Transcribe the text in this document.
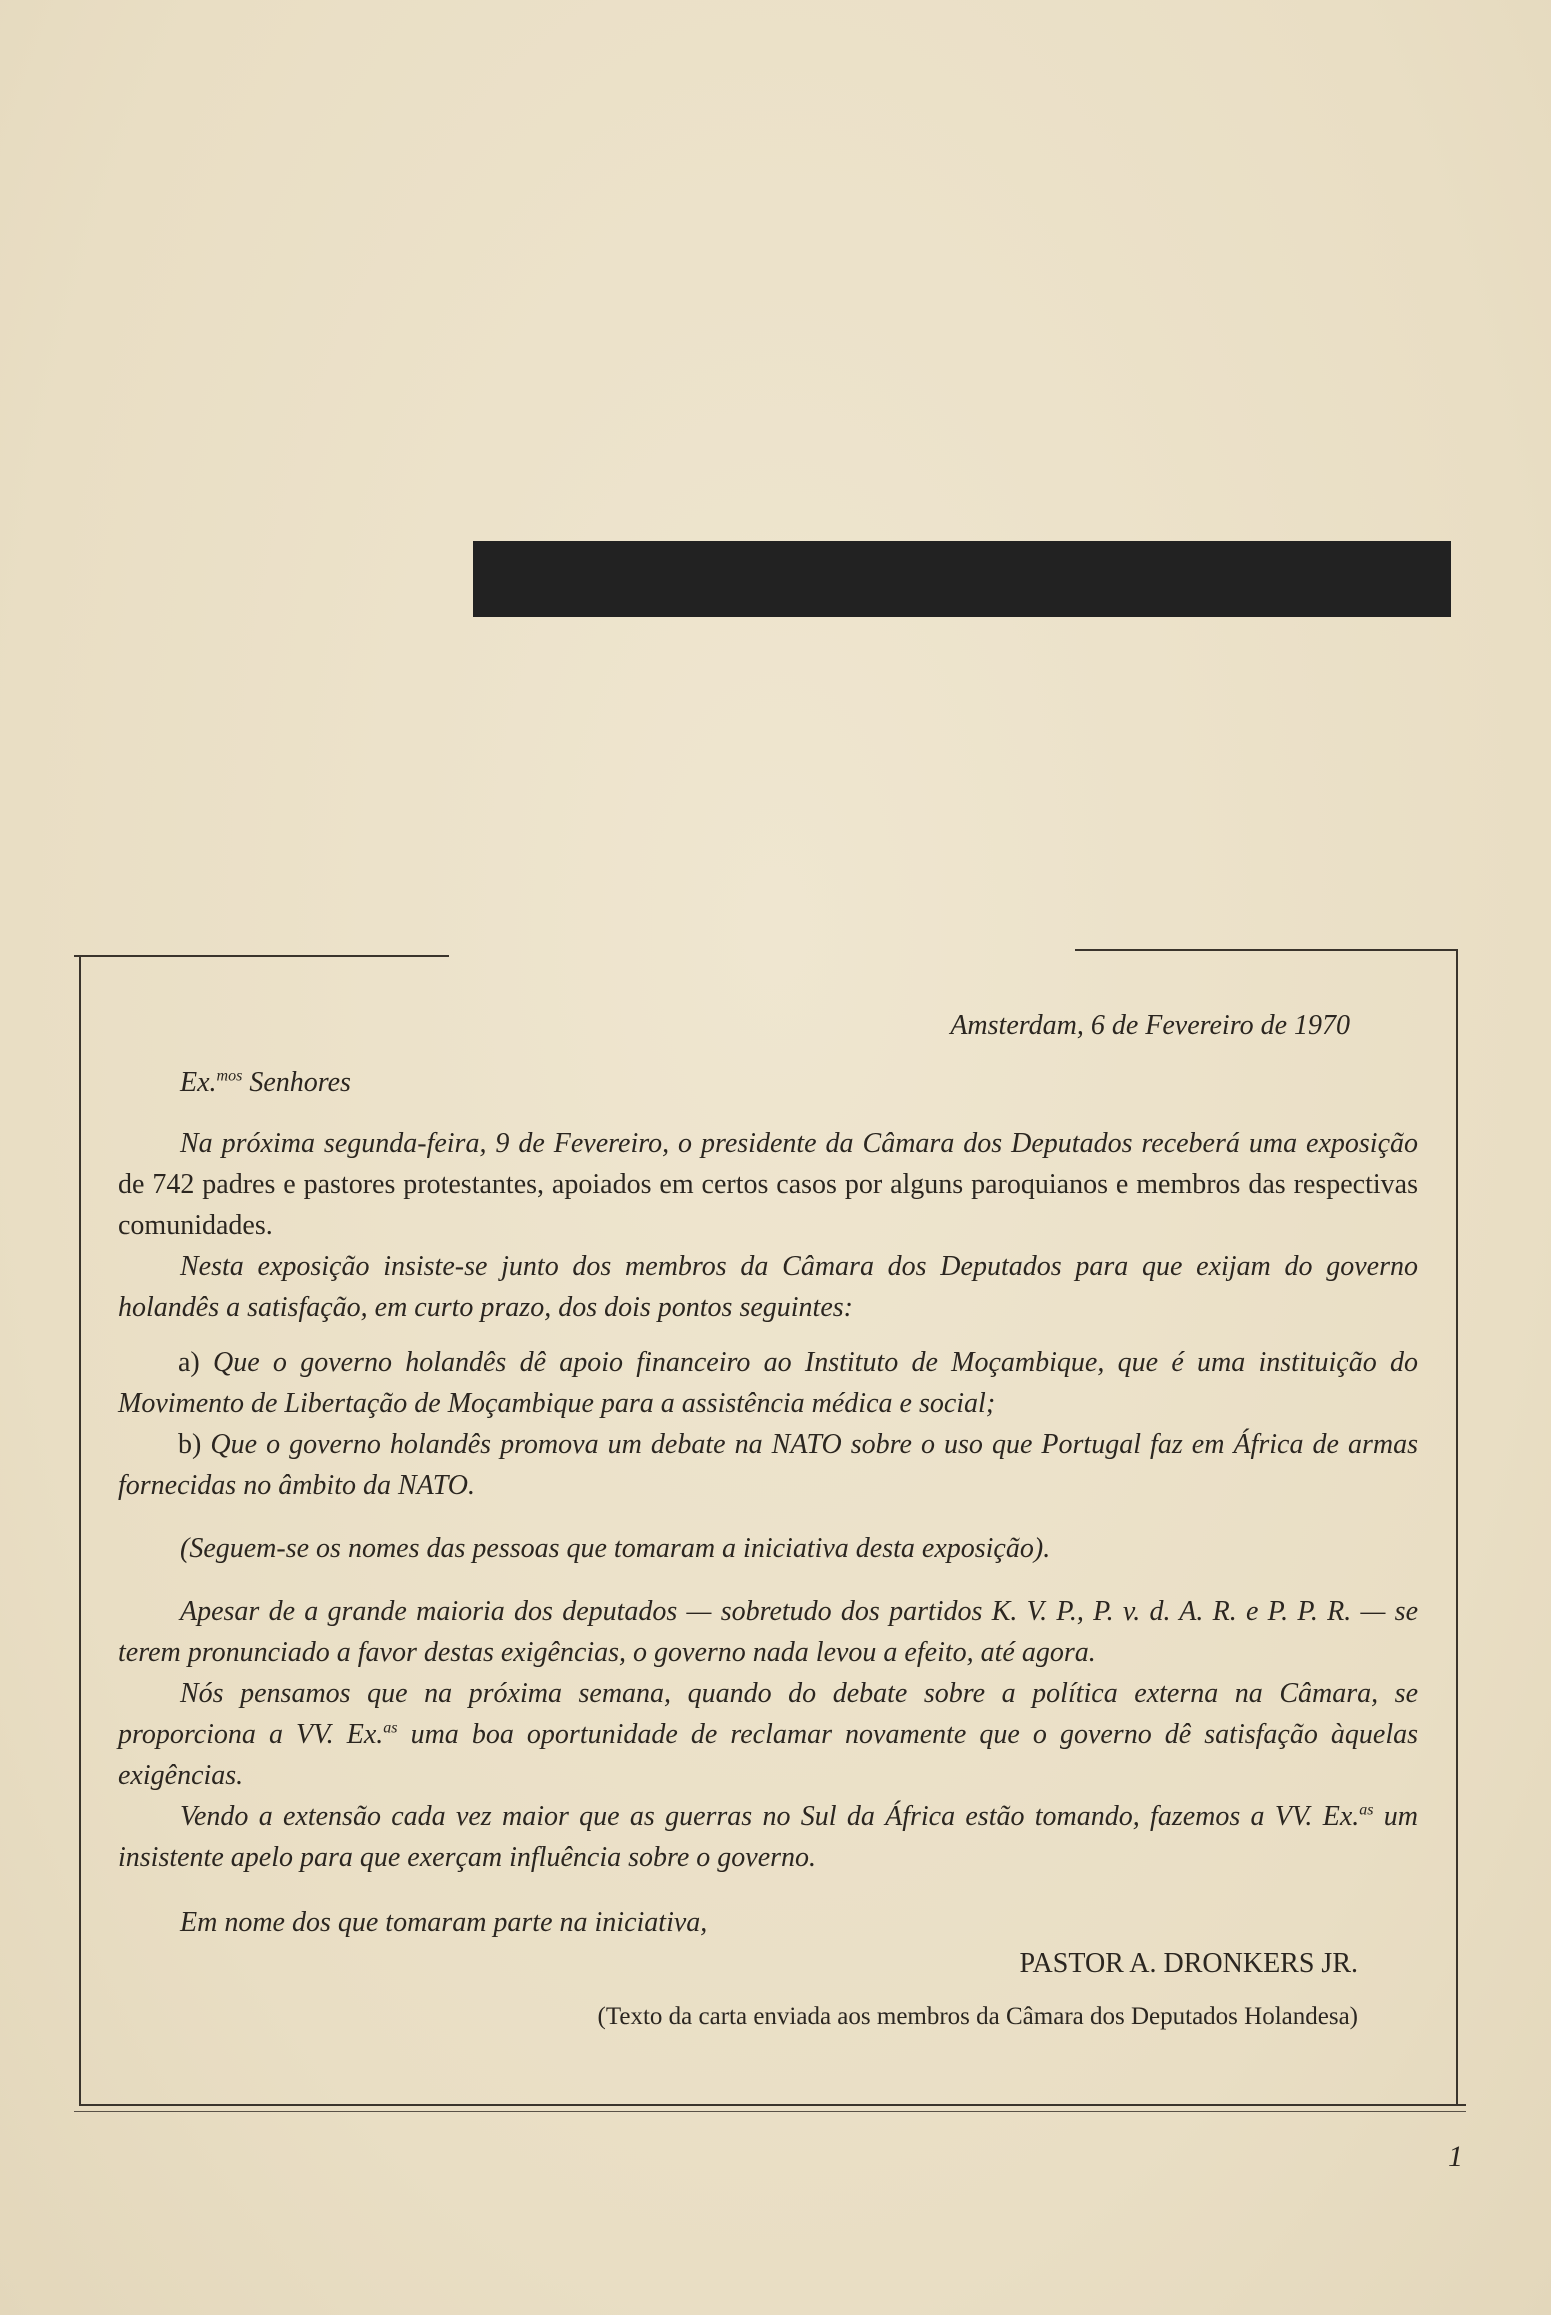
Amsterdam, 6 de Fevereiro de 1970
Ex.$^{mos}$ Senhores

Na próxima segunda-feira, 9 de Fevereiro, o presidente da Câmara dos Deputados receberá uma exposição de 742 padres e pastores protestantes, apoiados em certos casos por alguns paroquianos e membros das respectivas comunidades.

Nesta exposição insiste-se junto dos membros da Câmara dos Deputados para que exijam do governo holandês a satisfação, em curto prazo, dos dois pontos seguintes:

a) Que o governo holandês dê apoio financeiro ao Instituto de Moçambique, que é uma instituição do Movimento de Libertação de Moçambique para a assistência médica e social;

b) Que o governo holandês promova um debate na NATO sobre o uso que Portugal faz em África de armas fornecidas no âmbito da NATO.

(Seguem-se os nomes das pessoas que tomaram a iniciativa desta exposição).

Apesar de a grande maioria dos deputados — sobretudo dos partidos K. V. P., P. v. d. A. R. e P. P. R. — se terem pronunciado a favor destas exigências, o governo nada levou a efeito, até agora.

Nós pensamos que na próxima semana, quando do debate sobre a política externa na Câmara, se proporciona a VV. Ex.$^{as}$ uma boa oportunidade de reclamar novamente que o governo dê satisfação àquelas exigências.

Vendo a extensão cada vez maior que as guerras no Sul da África estão tomando, fazemos a VV. Ex.$^{as}$ um insistente apelo para que exerçam influência sobre o governo.

Em nome dos que tomaram parte na iniciativa,

PASTOR A. DRONKERS JR.

(Texto da carta enviada aos membros da Câmara dos Deputados Holandesa)

1
